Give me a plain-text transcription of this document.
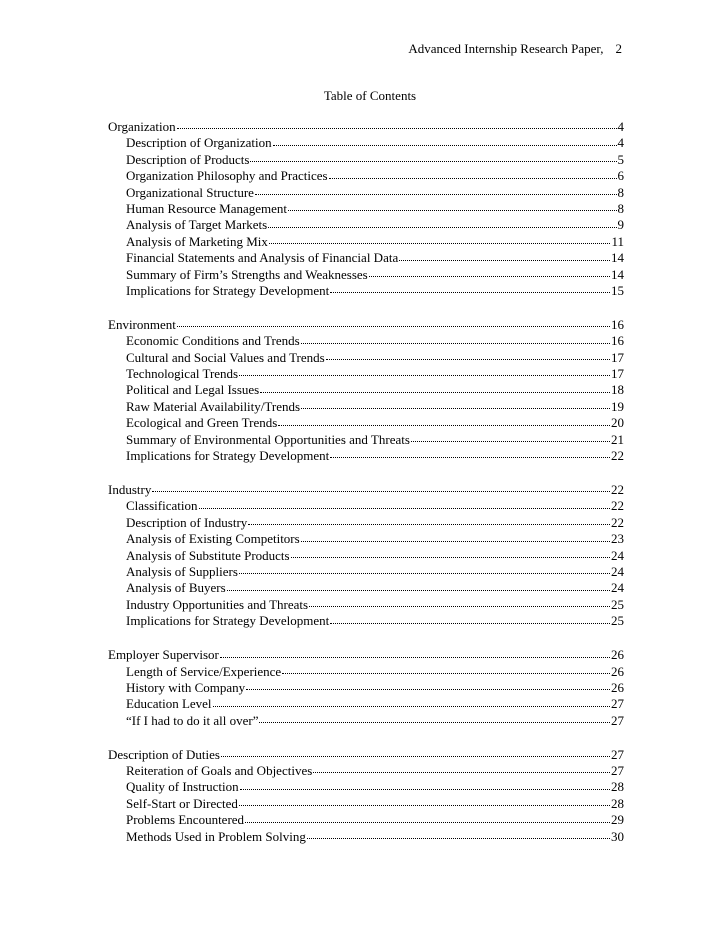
Advanced Internship Research Paper, 2
Table of Contents
Organization	4
Description of Organization	4
Description of Products	5
Organization Philosophy and Practices	6
Organizational Structure	8
Human Resource Management	8
Analysis of Target Markets	9
Analysis of Marketing Mix	11
Financial Statements and Analysis of Financial Data	14
Summary of Firm’s Strengths and Weaknesses	14
Implications for Strategy Development	15
Environment	16
Economic Conditions and Trends	16
Cultural and Social Values and Trends	17
Technological Trends	17
Political and Legal Issues	18
Raw Material Availability/Trends	19
Ecological and Green Trends	20
Summary of Environmental Opportunities and Threats	21
Implications for Strategy Development	22
Industry	22
Classification	22
Description of Industry	22
Analysis of Existing Competitors	23
Analysis of Substitute Products	24
Analysis of Suppliers	24
Analysis of Buyers	24
Industry Opportunities and Threats	25
Implications for Strategy Development	25
Employer Supervisor	26
Length of Service/Experience	26
History with Company	26
Education Level	27
“If I had to do it all over”	27
Description of Duties	27
Reiteration of Goals and Objectives	27
Quality of Instruction	28
Self-Start or Directed	28
Problems Encountered	29
Methods Used in Problem Solving	30
